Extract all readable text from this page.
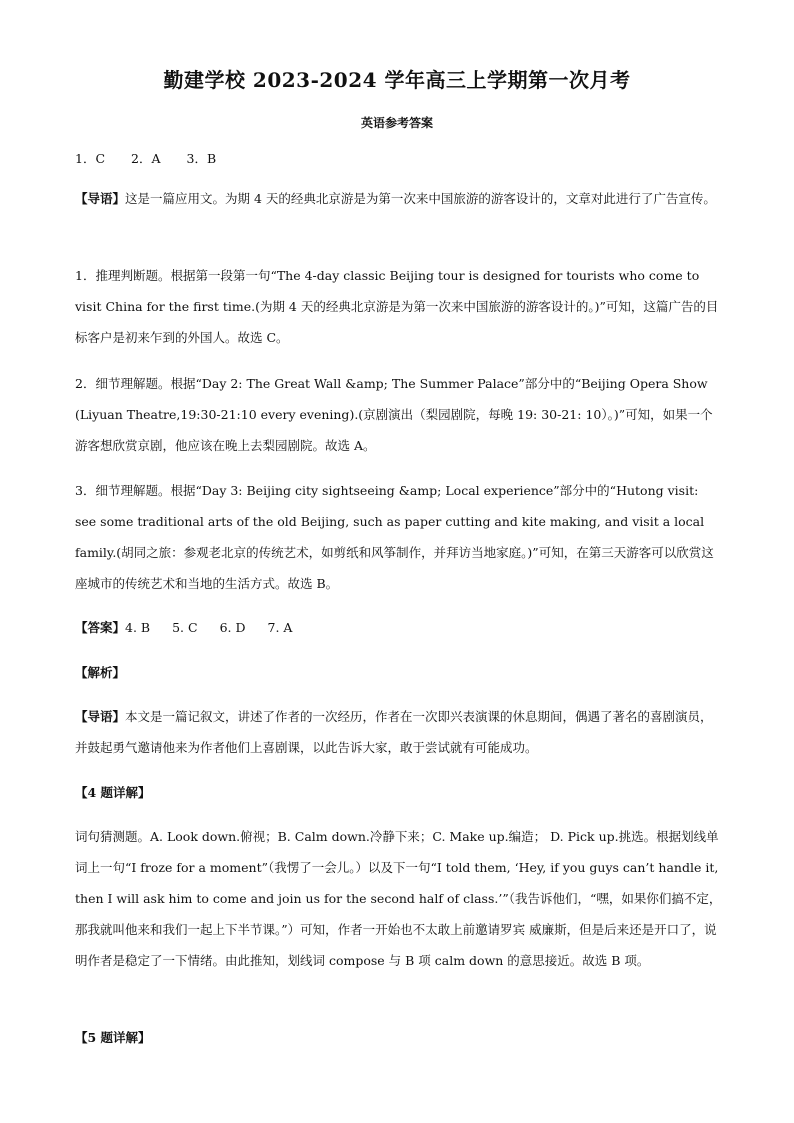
勤建学校 2023-2024 学年高三上学期第一次月考
英语参考答案
1．C 2．A 3．B

【导语】这是一篇应用文。为期 4 天的经典北京游是为第一次来中国旅游的游客设计的，文章对此进行了广告宣传。

1．推理判断题。根据第一段第一句“The 4-day classic Beijing tour is designed for tourists who come to visit China for the first time.(为期 4 天的经典北京游是为第一次来中国旅游的游客设计的。)”可知，这篇广告的目标客户是初来乍到的外国人。故选 C。

2．细节理解题。根据“Day 2: The Great Wall &amp; The Summer Palace”部分中的“Beijing Opera Show (Liyuan Theatre,19:30-21:10 every evening).(京剧演出（梨园剧院，每晚 19: 30-21: 10）。)”可知，如果一个游客想欣赏京剧，他应该在晚上去梨园剧院。故选 A。

3．细节理解题。根据“Day 3: Beijing city sightseeing &amp; Local experience”部分中的“Hutong visit: see some traditional arts of the old Beijing, such as paper cutting and kite making, and visit a local family.(胡同之旅：参观老北京的传统艺术，如剪纸和风筝制作，并拜访当地家庭。)”可知，在第三天游客可以欣赏这座城市的传统艺术和当地的生活方式。故选 B。

【答案】4. B 5. C 6. D 7. A

【解析】

【导语】本文是一篇记叙文，讲述了作者的一次经历，作者在一次即兴表演课的休息期间，偶遇了著名的喜剧演员，并鼓起勇气邀请他来为作者他们上喜剧课，以此告诉大家，敢于尝试就有可能成功。

【4 题详解】

词句猜测题。A. Look down.俯视；B. Calm down.冷静下来；C. Make up.编造； D. Pick up.挑选。根据划线单词上一句“I froze for a moment”（我愣了一会儿。）以及下一句“I told them, ‘Hey, if you guys can’t handle it, then I will ask him to come and join us for the second half of class.’”（我告诉他们，“嘿，如果你们搞不定，那我就叫他来和我们一起上下半节课。”）可知，作者一开始也不太敢上前邀请罗宾 威廉斯，但是后来还是开口了，说明作者是稳定了一下情绪。由此推知，划线词 compose 与 B 项 calm down 的意思接近。故选 B 项。

【5 题详解】
